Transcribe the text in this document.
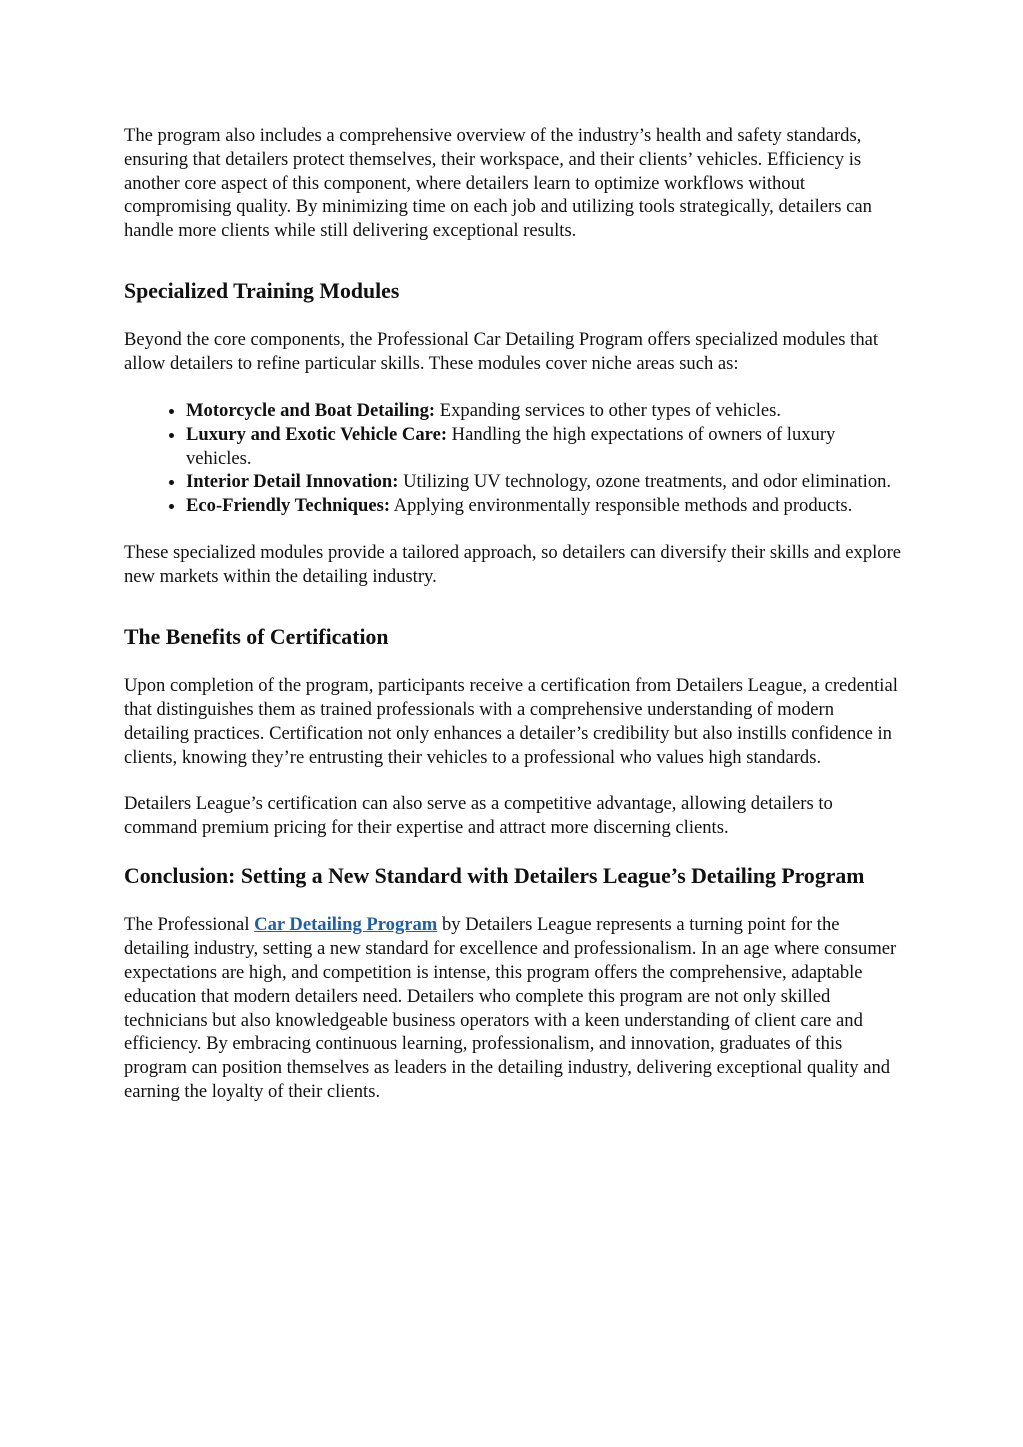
The program also includes a comprehensive overview of the industry’s health and safety standards, ensuring that detailers protect themselves, their workspace, and their clients’ vehicles. Efficiency is another core aspect of this component, where detailers learn to optimize workflows without compromising quality. By minimizing time on each job and utilizing tools strategically, detailers can handle more clients while still delivering exceptional results.

Specialized Training Modules

Beyond the core components, the Professional Car Detailing Program offers specialized modules that allow detailers to refine particular skills. These modules cover niche areas such as:

• Motorcycle and Boat Detailing: Expanding services to other types of vehicles.
• Luxury and Exotic Vehicle Care: Handling the high expectations of owners of luxury vehicles.
• Interior Detail Innovation: Utilizing UV technology, ozone treatments, and odor elimination.
• Eco-Friendly Techniques: Applying environmentally responsible methods and products.

These specialized modules provide a tailored approach, so detailers can diversify their skills and explore new markets within the detailing industry.

The Benefits of Certification

Upon completion of the program, participants receive a certification from Detailers League, a credential that distinguishes them as trained professionals with a comprehensive understanding of modern detailing practices. Certification not only enhances a detailer’s credibility but also instills confidence in clients, knowing they’re entrusting their vehicles to a professional who values high standards.

Detailers League’s certification can also serve as a competitive advantage, allowing detailers to command premium pricing for their expertise and attract more discerning clients.

Conclusion: Setting a New Standard with Detailers League’s Detailing Program

The Professional Car Detailing Program by Detailers League represents a turning point for the detailing industry, setting a new standard for excellence and professionalism. In an age where consumer expectations are high, and competition is intense, this program offers the comprehensive, adaptable education that modern detailers need. Detailers who complete this program are not only skilled technicians but also knowledgeable business operators with a keen understanding of client care and efficiency. By embracing continuous learning, professionalism, and innovation, graduates of this program can position themselves as leaders in the detailing industry, delivering exceptional quality and earning the loyalty of their clients.
